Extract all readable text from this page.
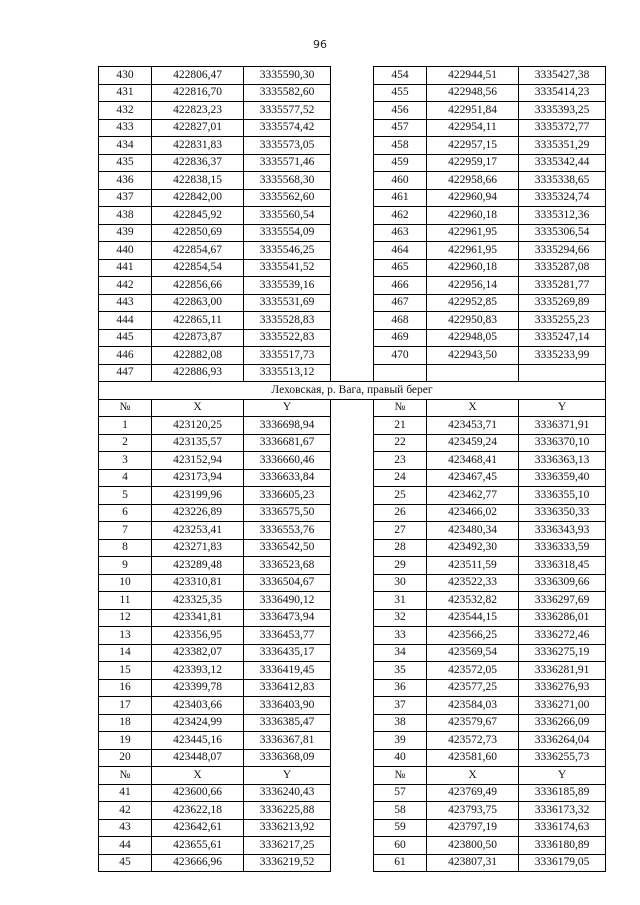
96
430	422806,47	3335590,30		454	422944,51	3335427,38
431	422816,70	3335582,60		455	422948,56	3335414,23
432	422823,23	3335577,52		456	422951,84	3335393,25
433	422827,01	3335574,42		457	422954,11	3335372,77
434	422831,83	3335573,05		458	422957,15	3335351,29
435	422836,37	3335571,46		459	422959,17	3335342,44
436	422838,15	3335568,30		460	422958,66	3335338,65
437	422842,00	3335562,60		461	422960,94	3335324,74
438	422845,92	3335560,54		462	422960,18	3335312,36
439	422850,69	3335554,09		463	422961,95	3335306,54
440	422854,67	3335546,25		464	422961,95	3335294,66
441	422854,54	3335541,52		465	422960,18	3335287,08
442	422856,66	3335539,16		466	422956,14	3335281,77
443	422863,00	3335531,69		467	422952,85	3335269,89
444	422865,11	3335528,83		468	422950,83	3335255,23
445	422873,87	3335522,83		469	422948,05	3335247,14
446	422882,08	3335517,73		470	422943,50	3335233,99
447	422886,93	3335513,12				
Леховская, р. Вага, правый берег						
№	X	Y		№	X	Y
1	423120,25	3336698,94		21	423453,71	3336371,91
2	423135,57	3336681,67		22	423459,24	3336370,10
3	423152,94	3336660,46		23	423468,41	3336363,13
4	423173,94	3336633,84		24	423467,45	3336359,40
5	423199,96	3336605,23		25	423462,77	3336355,10
6	423226,89	3336575,50		26	423466,02	3336350,33
7	423253,41	3336553,76		27	423480,34	3336343,93
8	423271,83	3336542,50		28	423492,30	3336333,59
9	423289,48	3336523,68		29	423511,59	3336318,45
10	423310,81	3336504,67		30	423522,33	3336309,66
11	423325,35	3336490,12		31	423532,82	3336297,69
12	423341,81	3336473,94		32	423544,15	3336286,01
13	423356,95	3336453,77		33	423566,25	3336272,46
14	423382,07	3336435,17		34	423569,54	3336275,19
15	423393,12	3336419,45		35	423572,05	3336281,91
16	423399,78	3336412,83		36	423577,25	3336276,93
17	423403,66	3336403,90		37	423584,03	3336271,00
18	423424,99	3336385,47		38	423579,67	3336266,09
19	423445,16	3336367,81		39	423572,73	3336264,04
20	423448,07	3336368,09		40	423581,60	3336255,73
№	X	Y		№	X	Y
41	423600,66	3336240,43		57	423769,49	3336185,89
42	423622,18	3336225,88		58	423793,75	3336173,32
43	423642,61	3336213,92		59	423797,19	3336174,63
44	423655,61	3336217,25		60	423800,50	3336180,89
45	423666,96	3336219,52		61	423807,31	3336179,05
